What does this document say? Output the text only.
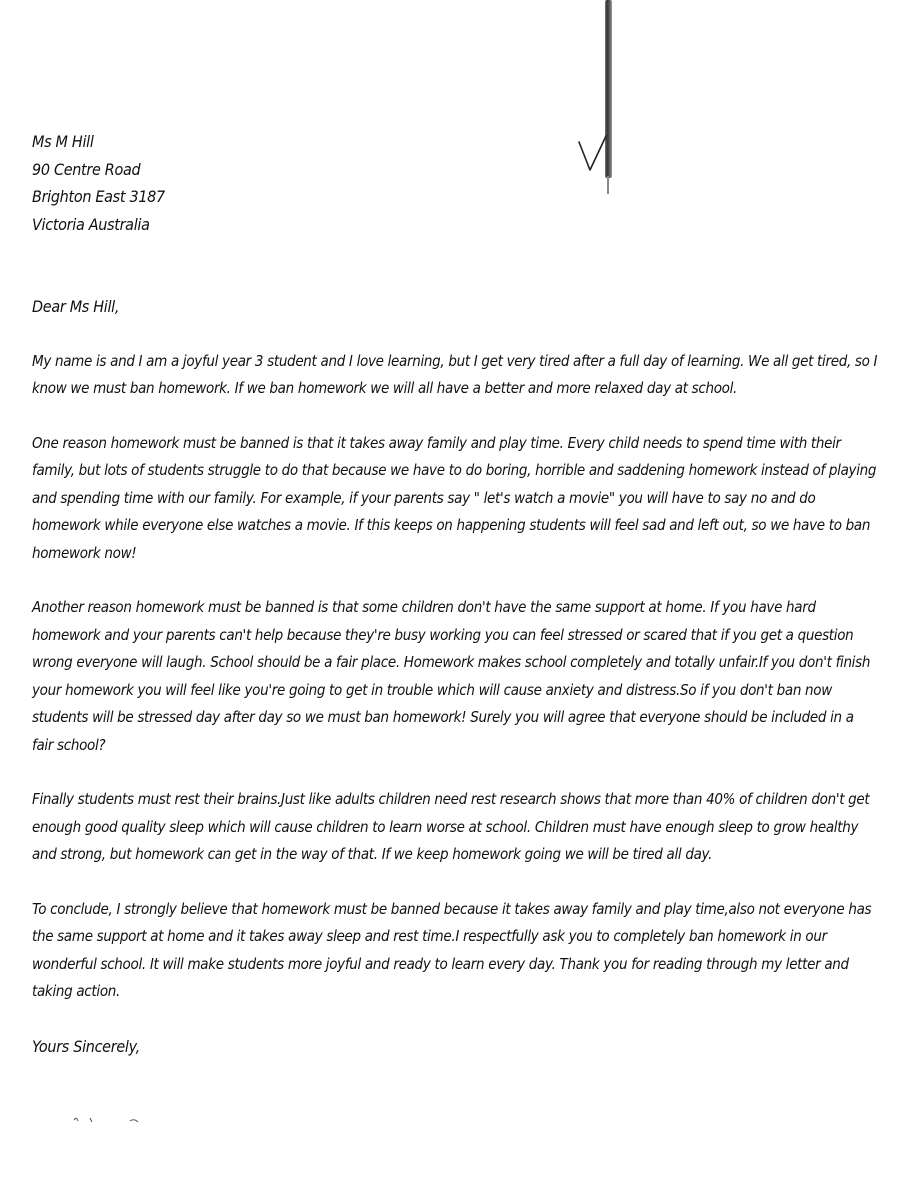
Ms M Hill
90 Centre Road
Brighton East 3187
Victoria Australia
Dear Ms Hill,

My name is and I am a joyful year 3 student and I love learning, but I get very tired after a full day of learning. We all get tired, so I know we must ban homework. If we ban homework we will all have a better and more relaxed day at school.

One reason homework must be banned is that it takes away family and play time. Every child needs to spend time with their family, but lots of students struggle to do that because we have to do boring, horrible and saddening homework instead of playing and spending time with our family. For example, if your parents say " let's watch a movie" you will have to say no and do homework while everyone else watches a movie. If this keeps on happening students will feel sad and left out, so we have to ban homework now!

Another reason homework must be banned is that some children don't have the same support at home. If you have hard homework and your parents can't help because they're busy working you can feel stressed or scared that if you get a question wrong everyone will laugh. School should be a fair place. Homework makes school completely and totally unfair.If you don't finish your homework you will feel like you're going to get in trouble which will cause anxiety and distress.So if you don't ban now students will be stressed day after day so we must ban homework! Surely you will agree that everyone should be included in a fair school?

Finally students must rest their brains.Just like adults children need rest research shows that more than 40% of children don't get enough good quality sleep which will cause children to learn worse at school. Children must have enough sleep to grow healthy and strong, but homework can get in the way of that. If we keep homework going we will be tired all day.

To conclude, I strongly believe that homework must be banned because it takes away family and play time,also not everyone has the same support at home and it takes away sleep and rest time.I respectfully ask you to completely ban homework in our wonderful school. It will make students more joyful and ready to learn every day. Thank you for reading through my letter and taking action.

Yours Sincerely,
